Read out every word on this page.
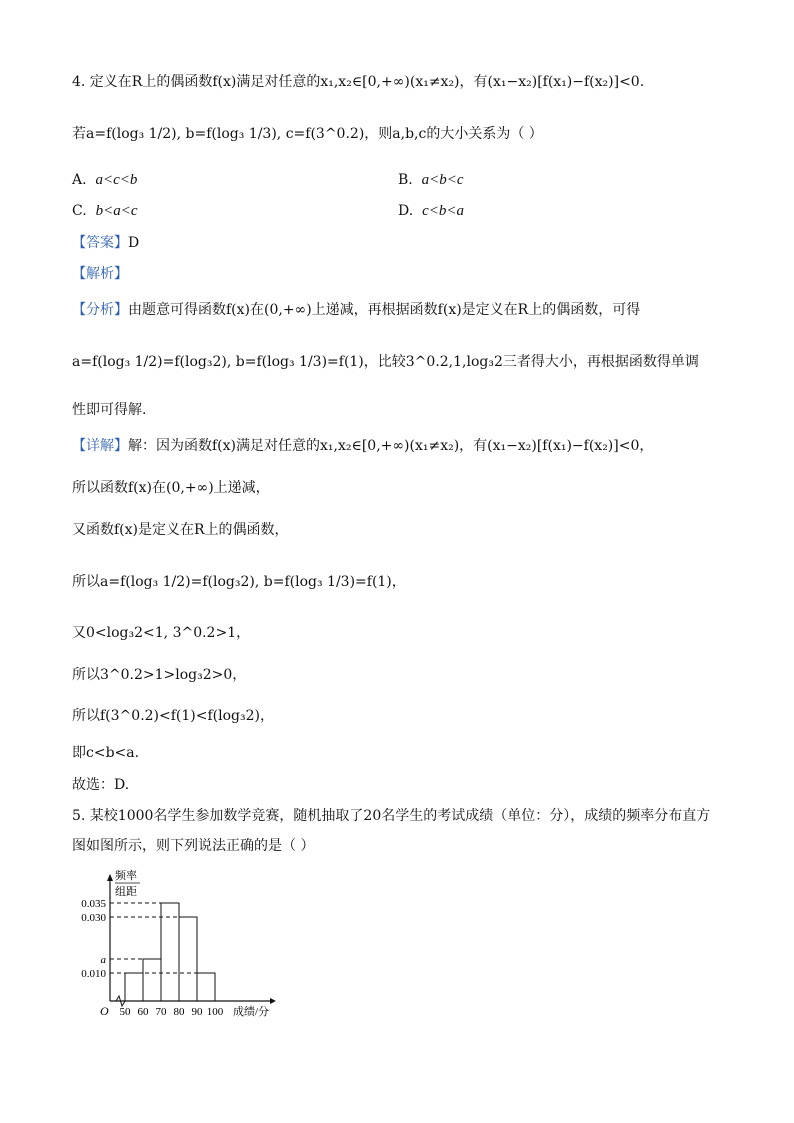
4. 定义在R上的偶函数f(x)满足对任意的x₁,x₂∈[0,+∞)(x₁≠x₂)，有(x₁−x₂)[f(x₁)−f(x₂)]<0.
若a=f(log₃ 1/2), b=f(log₃ 1/3), c=f(3^0.2)，则a,b,c的大小关系为（ ）
A. a<c<b	B. a<b<c
C. b<a<c	D. c<b<a
【答案】D
【解析】
【分析】由题意可得函数f(x)在(0,+∞)上递减，再根据函数f(x)是定义在R上的偶函数，可得
a=f(log₃ 1/2)=f(log₃2), b=f(log₃ 1/3)=f(1)，比较3^0.2,1,log₃2三者得大小，再根据函数得单调
性即可得解.
【详解】解：因为函数f(x)满足对任意的x₁,x₂∈[0,+∞)(x₁≠x₂)，有(x₁−x₂)[f(x₁)−f(x₂)]<0，
所以函数f(x)在(0,+∞)上递减，
又函数f(x)是定义在R上的偶函数，
所以a=f(log₃ 1/2)=f(log₃2), b=f(log₃ 1/3)=f(1)，
又0<log₃2<1, 3^0.2>1，
所以3^0.2>1>log₃2>0，
所以f(3^0.2)<f(1)<f(log₃2)，
即c<b<a.
故选：D.
5. 某校1000名学生参加数学竞赛，随机抽取了20名学生的考试成绩（单位：分），成绩的频率分布直方
图如图所示，则下列说法正确的是（ ）
0.010
a
0.030
0.035
O 50 60 70 80 90 100 成绩/分
频率
组距
